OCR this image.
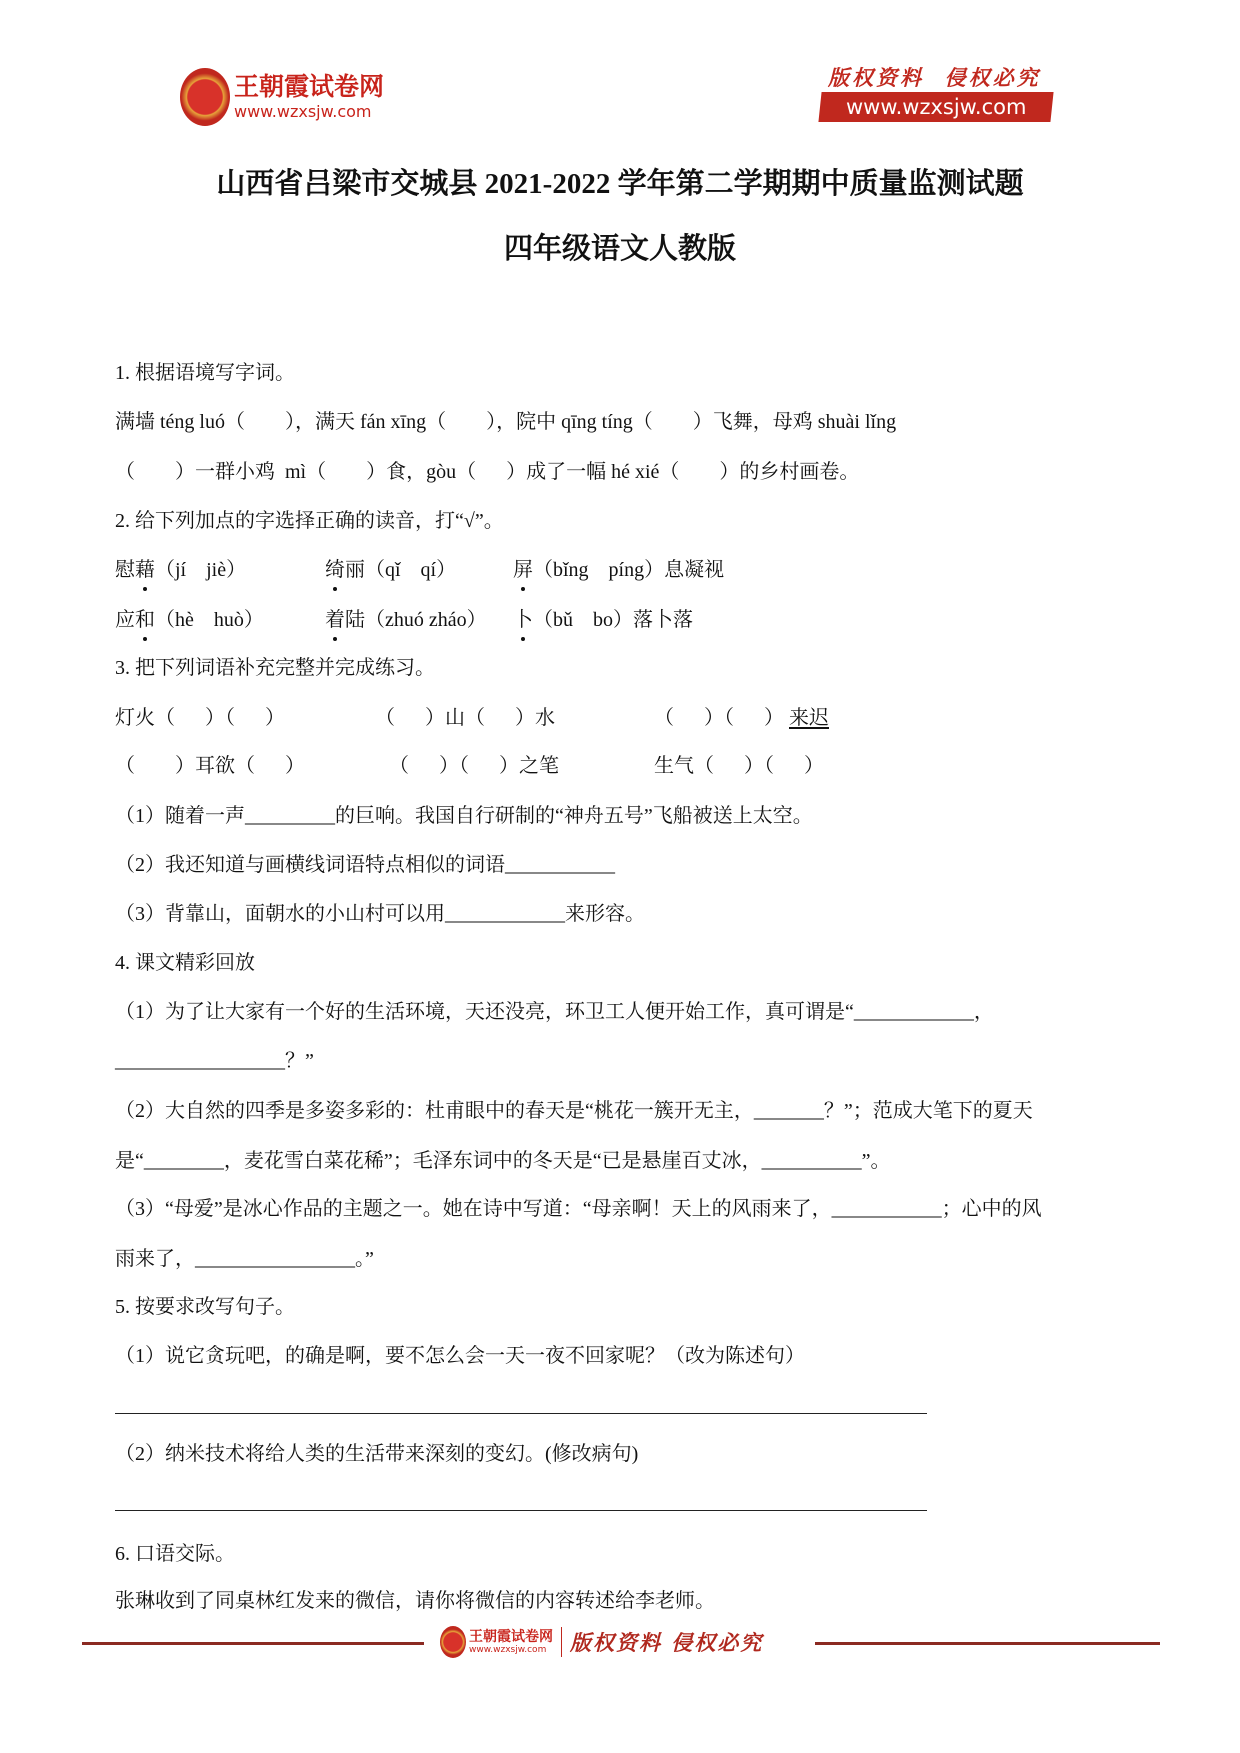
王朝霞试卷网
www.wzxsjw.com
版权资料  侵权必究
www.wzxsjw.com
山西省吕梁市交城县 2021-2022 学年第二学期期中质量监测试题
四年级语文人教版
1. 根据语境写字词。
满墙 téng luó（        ），满天 fán xīng（        ），院中 qīng tíng（        ）飞舞，母鸡 shuài lǐng
（        ）一群小鸡  mì（        ）食，gòu（      ）成了一幅 hé xié（        ）的乡村画卷。
2. 给下列加点的字选择正确的读音，打“√”。
慰藉（jí    jiè）	绮丽（qǐ    qí）	屏（bǐng    píng）息凝视
应和（hè    huò）	着陆（zhuó zháo） 卜（bǔ    bo）落卜落
3. 把下列词语补充完整并完成练习。
灯火（      ）（      ）	（      ）山（      ）水	（      ）（      ） 来迟
（        ）耳欲（      ）	（      ）（      ）之笔	生气（      ）（      ）
（1）随着一声_________的巨响。我国自行研制的“神舟五号”飞船被送上太空。
（2）我还知道与画横线词语特点相似的词语___________
（3）背靠山，面朝水的小山村可以用____________来形容。
4. 课文精彩回放
（1）为了让大家有一个好的生活环境，天还没亮，环卫工人便开始工作，真可谓是“____________，
_________________？”
（2）大自然的四季是多姿多彩的：杜甫眼中的春天是“桃花一簇开无主，_______？”；范成大笔下的夏天
是“________，麦花雪白菜花稀”；毛泽东词中的冬天是“已是悬崖百丈冰，__________”。
（3）“母爱”是冰心作品的主题之一。她在诗中写道：“母亲啊！天上的风雨来了，___________；心中的风
雨来了，________________。”
5. 按要求改写句子。
（1）说它贪玩吧，的确是啊，要不怎么会一天一夜不回家呢？（改为陈述句）
（2）纳米技术将给人类的生活带来深刻的变幻。(修改病句)
6. 口语交际。
张琳收到了同桌林红发来的微信，请你将微信的内容转述给李老师。
王朝霞试卷网
www.wzxsjw.com	版权资料 侵权必究
